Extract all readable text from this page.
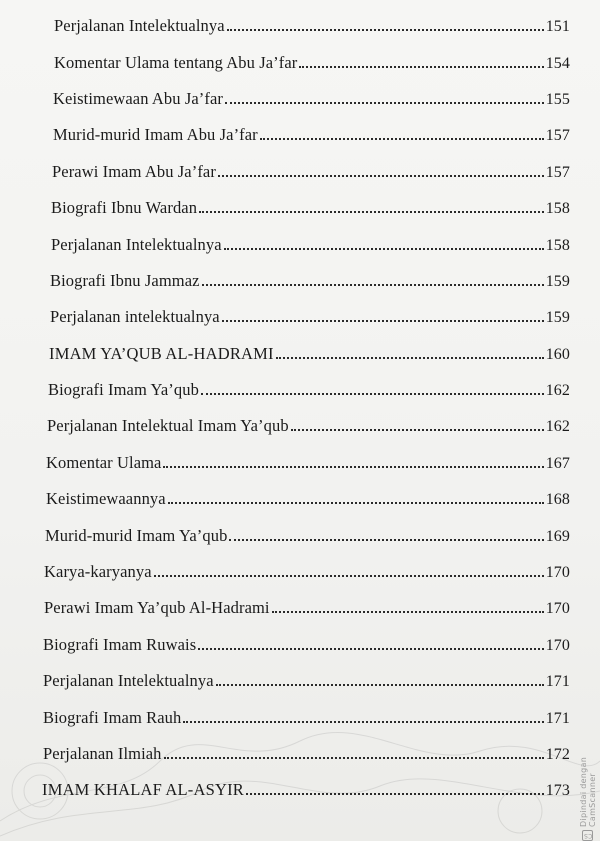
Perjalanan Intelektualnya	151
Komentar Ulama tentang Abu Ja’far	154
Keistimewaan Abu Ja’far	155
Murid-murid Imam Abu Ja’far	157
Perawi Imam Abu Ja’far	157
Biografi Ibnu Wardan	158
Perjalanan Intelektualnya	158
Biografi Ibnu Jammaz	159
Perjalanan intelektualnya	159
IMAM YA’QUB AL-HADRAMI	160
Biografi Imam Ya’qub	162
Perjalanan Intelektual Imam Ya’qub	162
Komentar Ulama	167
Keistimewaannya	168
Murid-murid Imam Ya’qub	169
Karya-karyanya	170
Perawi Imam Ya’qub Al-Hadrami	170
Biografi Imam Ruwais	170
Perjalanan Intelektualnya	171
Biografi Imam Rauh	171
Perjalanan Ilmiah	172
IMAM KHALAF AL-ASYIR	173
CS
Dipindai dengan CamScanner
